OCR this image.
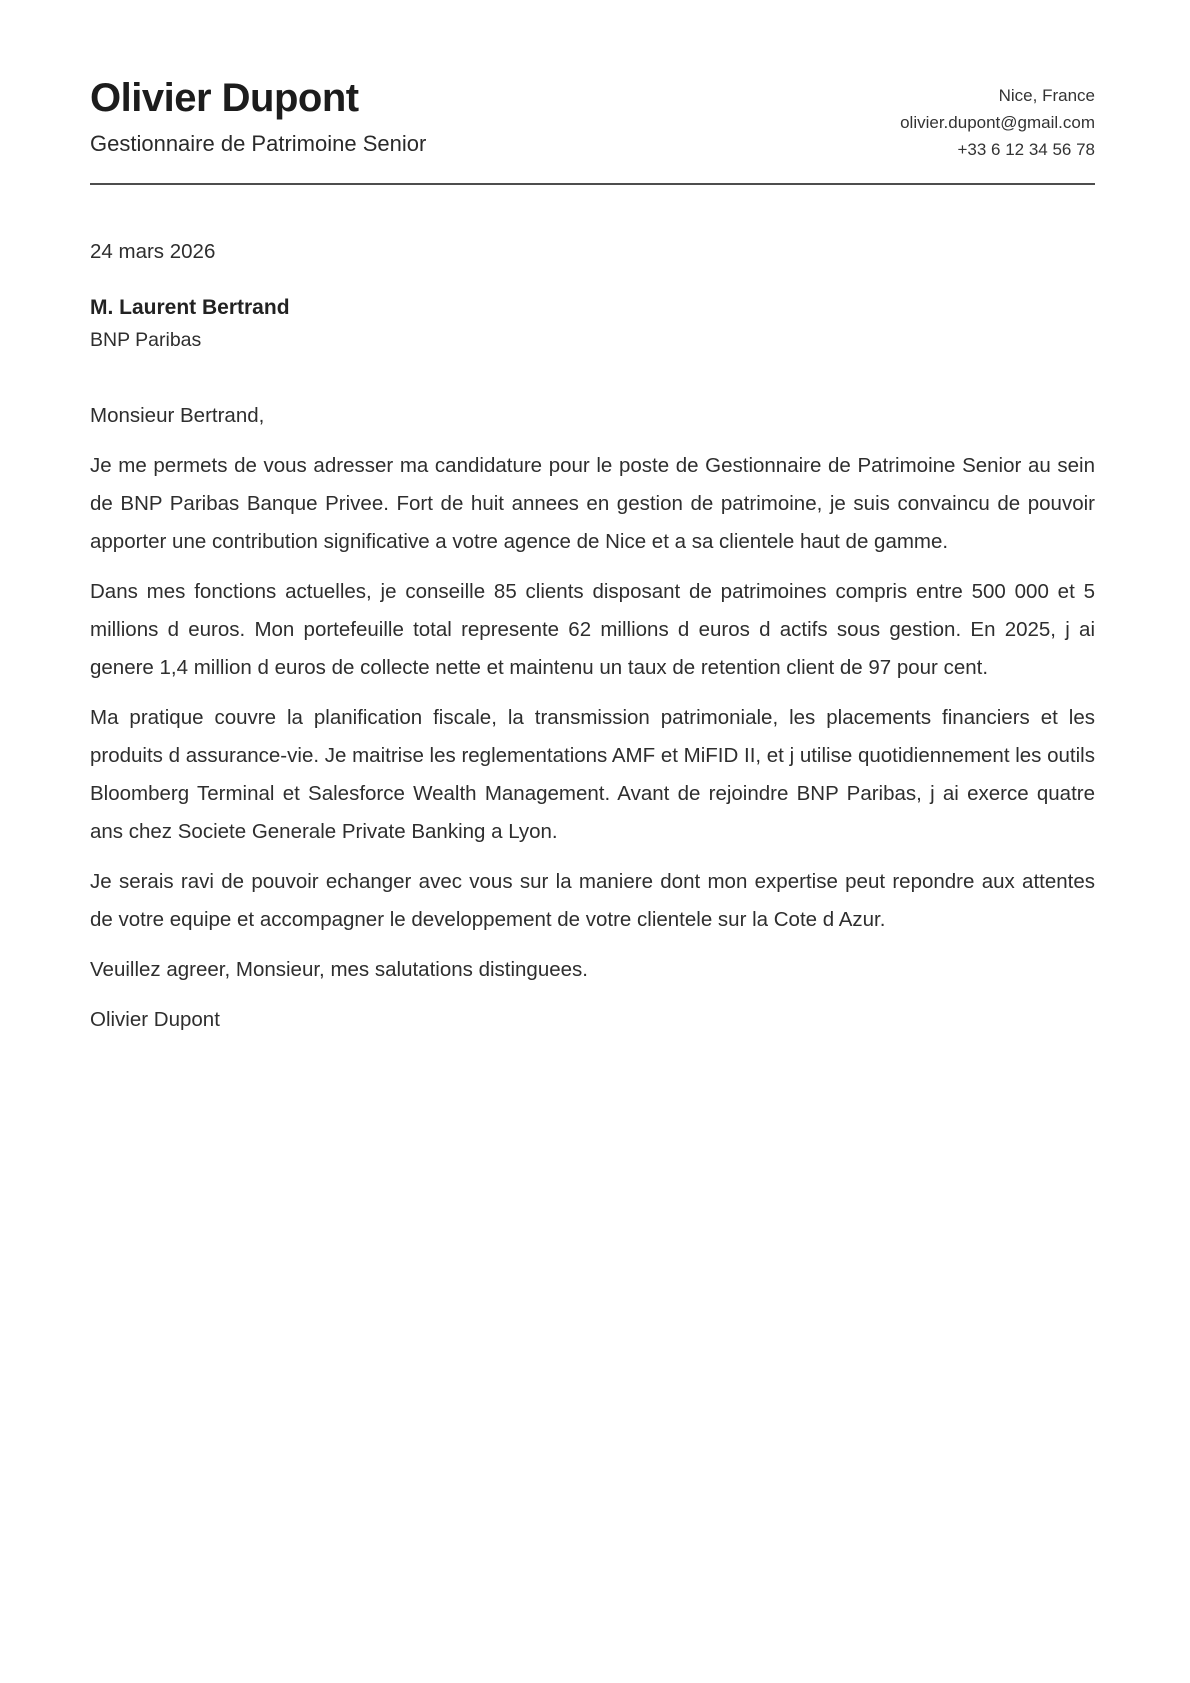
Olivier Dupont
Gestionnaire de Patrimoine Senior
Nice, France
olivier.dupont@gmail.com
+33 6 12 34 56 78
24 mars 2026
M. Laurent Bertrand
BNP Paribas

Monsieur Bertrand,

Je me permets de vous adresser ma candidature pour le poste de Gestionnaire de Patrimoine Senior au sein de BNP Paribas Banque Privee. Fort de huit annees en gestion de patrimoine, je suis convaincu de pouvoir apporter une contribution significative a votre agence de Nice et a sa clientele haut de gamme.

Dans mes fonctions actuelles, je conseille 85 clients disposant de patrimoines compris entre 500 000 et 5 millions d euros. Mon portefeuille total represente 62 millions d euros d actifs sous gestion. En 2025, j ai genere 1,4 million d euros de collecte nette et maintenu un taux de retention client de 97 pour cent.

Ma pratique couvre la planification fiscale, la transmission patrimoniale, les placements financiers et les produits d assurance-vie. Je maitrise les reglementations AMF et MiFID II, et j utilise quotidiennement les outils Bloomberg Terminal et Salesforce Wealth Management. Avant de rejoindre BNP Paribas, j ai exerce quatre ans chez Societe Generale Private Banking a Lyon.

Je serais ravi de pouvoir echanger avec vous sur la maniere dont mon expertise peut repondre aux attentes de votre equipe et accompagner le developpement de votre clientele sur la Cote d Azur.

Veuillez agreer, Monsieur, mes salutations distinguees.

Olivier Dupont
